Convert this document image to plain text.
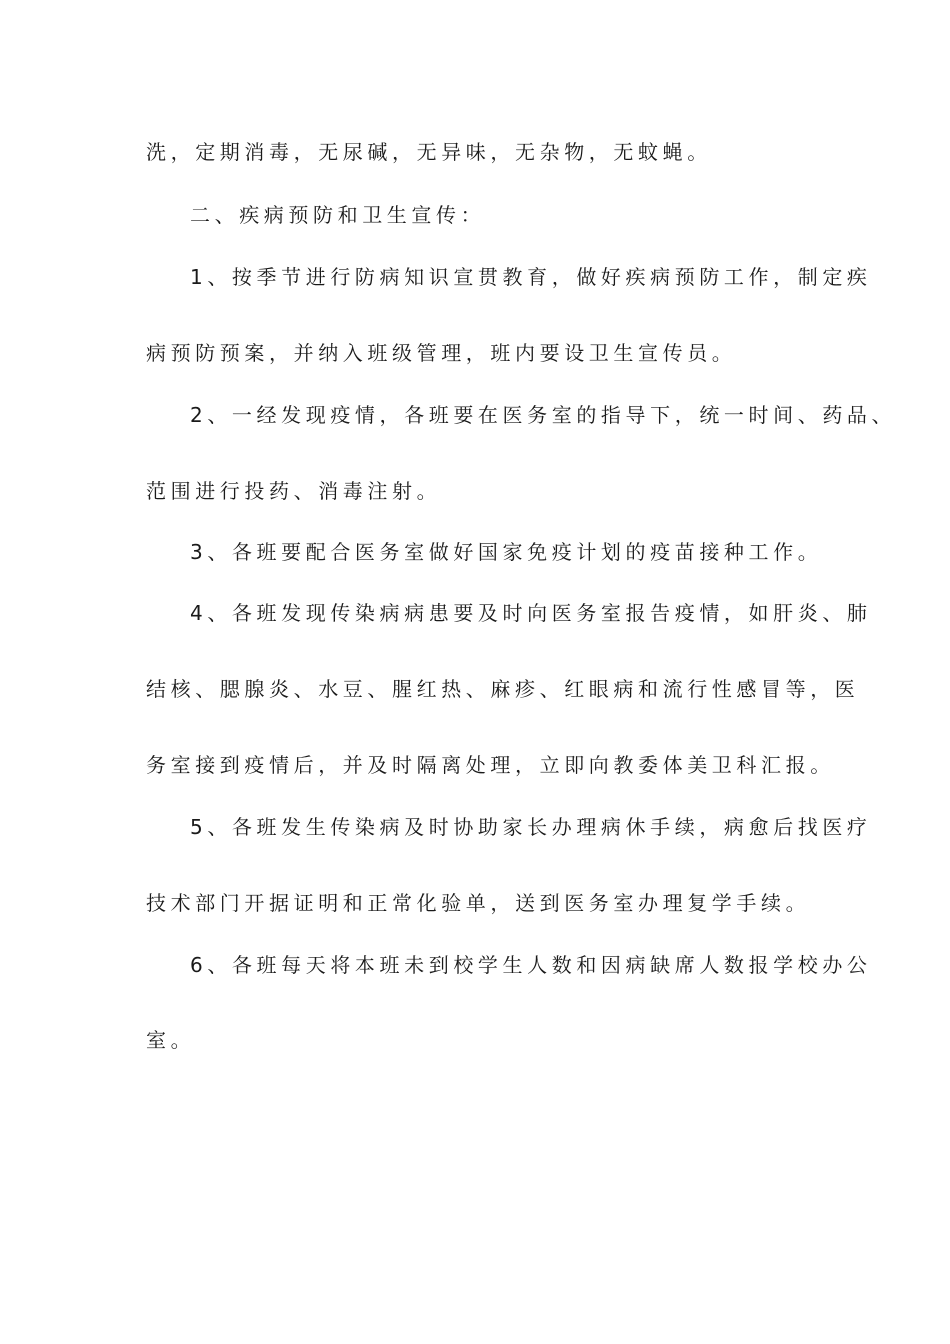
洗，定期消毒，无尿碱，无异味，无杂物，无蚊蝇。
二、疾病预防和卫生宣传：
1、按季节进行防病知识宣贯教育，做好疾病预防工作，制定疾
病预防预案，并纳入班级管理，班内要设卫生宣传员。
2、一经发现疫情，各班要在医务室的指导下，统一时间、药品、
范围进行投药、消毒注射。
3、各班要配合医务室做好国家免疫计划的疫苗接种工作。
4、各班发现传染病病患要及时向医务室报告疫情，如肝炎、肺
结核、腮腺炎、水豆、腥红热、麻疹、红眼病和流行性感冒等，医
务室接到疫情后，并及时隔离处理，立即向教委体美卫科汇报。
5、各班发生传染病及时协助家长办理病休手续，病愈后找医疗
技术部门开据证明和正常化验单，送到医务室办理复学手续。
6、各班每天将本班未到校学生人数和因病缺席人数报学校办公
室。
